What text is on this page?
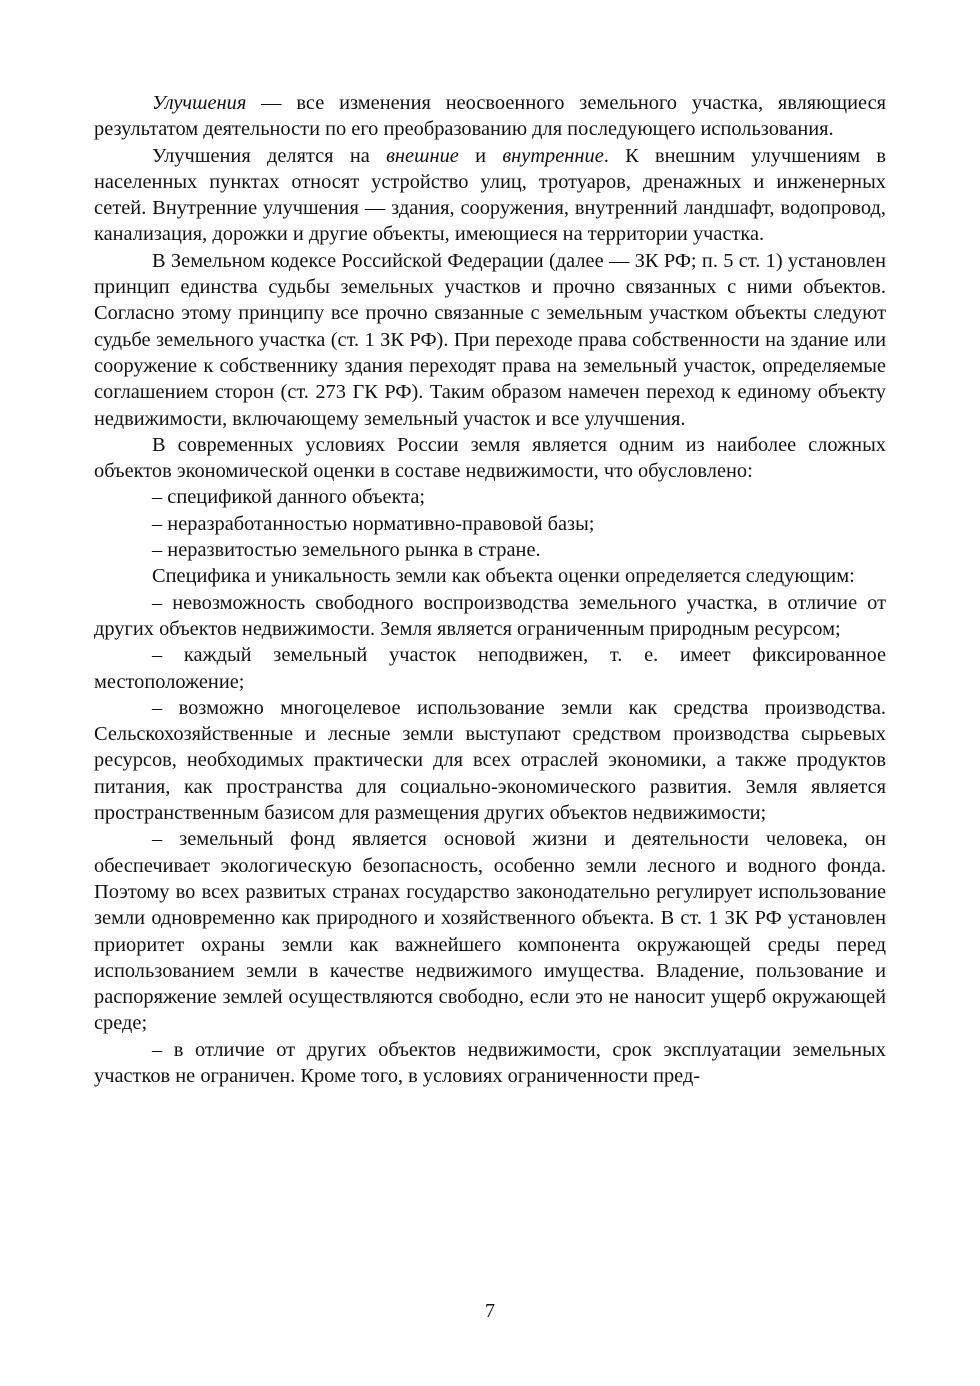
Улучшения — все изменения неосвоенного земельного участка, являющиеся результатом деятельности по его преобразованию для последующего использования.

Улучшения делятся на внешние и внутренние. К внешним улучшениям в населенных пунктах относят устройство улиц, тротуаров, дренажных и инженерных сетей. Внутренние улучшения — здания, сооружения, внутренний ландшафт, водопровод, канализация, дорожки и другие объекты, имеющиеся на территории участка.

В Земельном кодексе Российской Федерации (далее — ЗК РФ; п. 5 ст. 1) установлен принцип единства судьбы земельных участков и прочно связанных с ними объектов. Согласно этому принципу все прочно связанные с земельным участком объекты следуют судьбе земельного участка (ст. 1 ЗК РФ). При переходе права собственности на здание или сооружение к собственнику здания переходят права на земельный участок, определяемые соглашением сторон (ст. 273 ГК РФ). Таким образом намечен переход к единому объекту недвижимости, включающему земельный участок и все улучшения.

В современных условиях России земля является одним из наиболее сложных объектов экономической оценки в составе недвижимости, что обусловлено:

– спецификой данного объекта;

– неразработанностью нормативно-правовой базы;

– неразвитостью земельного рынка в стране.

Специфика и уникальность земли как объекта оценки определяется следующим:

– невозможность свободного воспроизводства земельного участка, в отличие от других объектов недвижимости. Земля является ограниченным природным ресурсом;

– каждый земельный участок неподвижен, т. е. имеет фиксированное местоположение;

– возможно многоцелевое использование земли как средства производства. Сельскохозяйственные и лесные земли выступают средством производства сырьевых ресурсов, необходимых практически для всех отраслей экономики, а также продуктов питания, как пространства для социально-экономического развития. Земля является пространственным базисом для размещения других объектов недвижимости;

– земельный фонд является основой жизни и деятельности человека, он обеспечивает экологическую безопасность, особенно земли лесного и водного фонда. Поэтому во всех развитых странах государство законодательно регулирует использование земли одновременно как природного и хозяйственного объекта. В ст. 1 ЗК РФ установлен приоритет охраны земли как важнейшего компонента окружающей среды перед использованием земли в качестве недвижимого имущества. Владение, пользование и распоряжение землей осуществляются свободно, если это не наносит ущерб окружающей среде;

– в отличие от других объектов недвижимости, срок эксплуатации земельных участков не ограничен. Кроме того, в условиях ограниченности пред-

7
